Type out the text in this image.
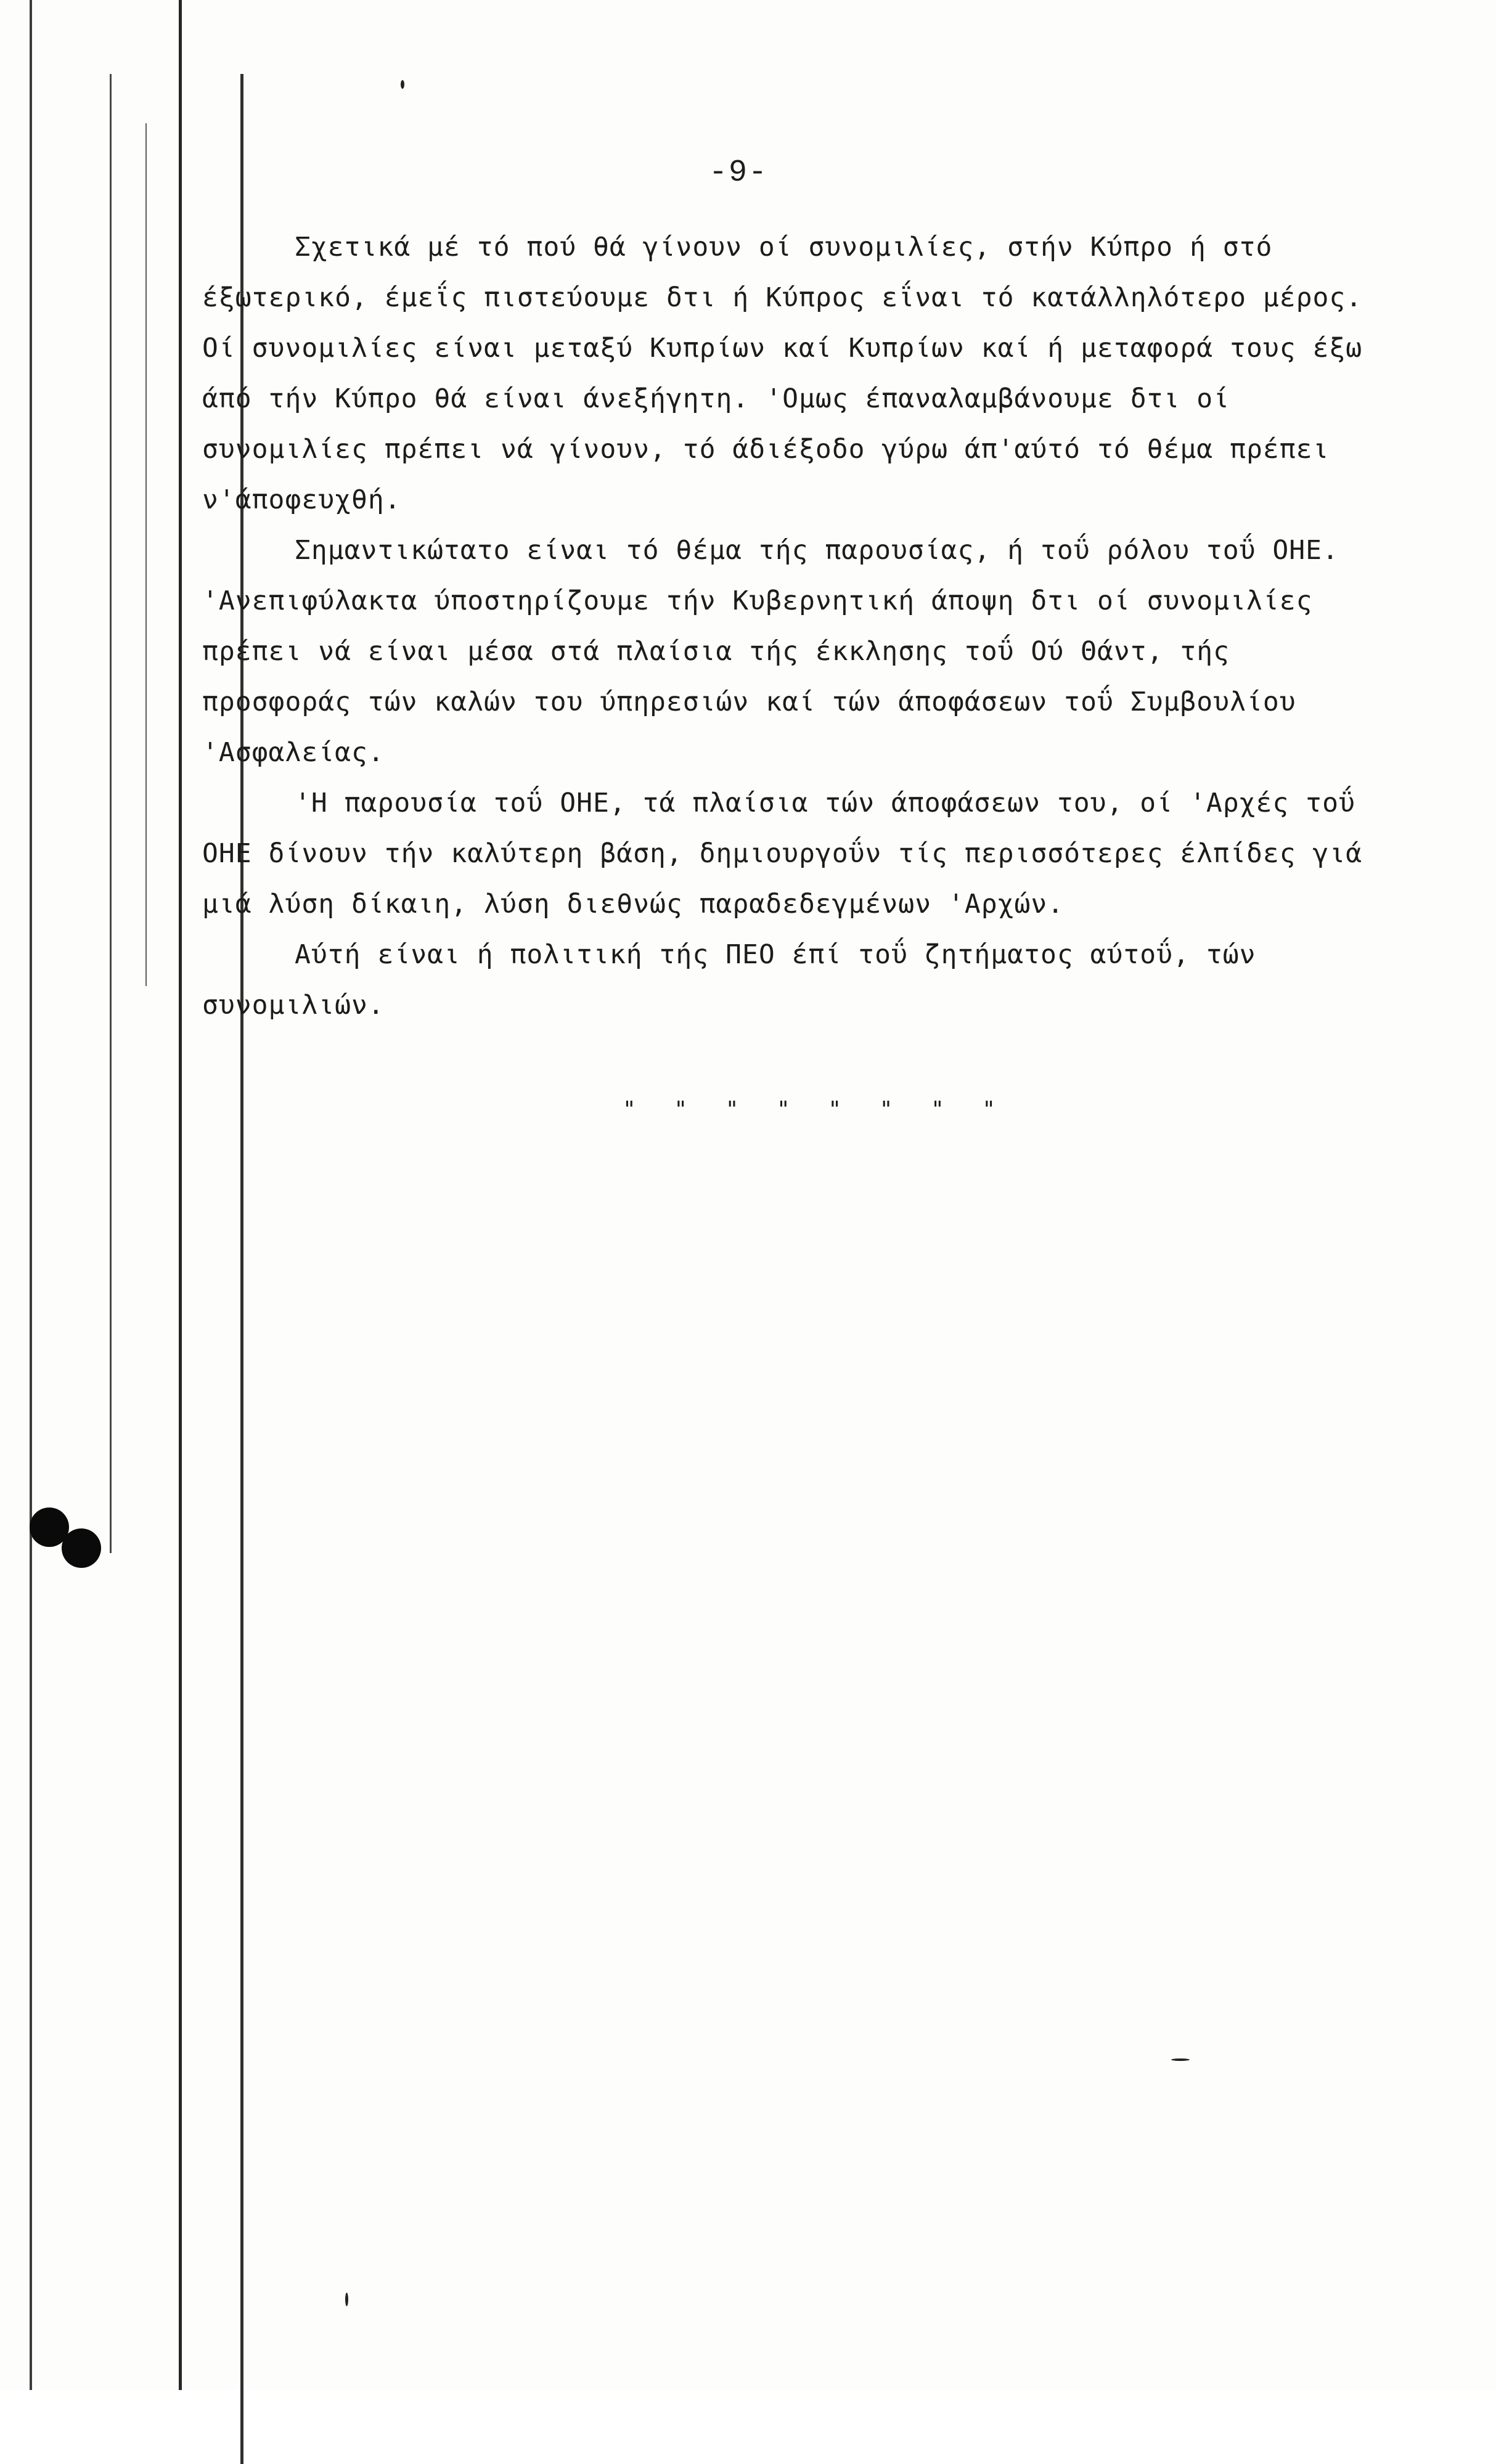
-9-

Σχετικά μέ τό πού θά γίνουν οί συνομιλίες, στήν Κύπρο ή στό έξωτερικό, έμεΐς πιστεύουμε δτι ή Κύπρος εΐναι τό κατάλληλότερο μέρος. Οί συνομιλίες είναι μεταξύ Κυπρίων καί Κυπρίων καί ή μεταφορά τους έξω άπό τήν Κύπρο θά είναι άνεξήγητη. 'Ομως έπαναλαμβάνουμε δτι οί συνομιλίες πρέπει νά γίνουν, τό άδιέξοδο γύρω άπ'αύτό τό θέμα πρέπει ν'άποφευχθή.

Σημαντικώτατο είναι τό θέμα τής παρουσίας, ή τοΰ ρόλου τοΰ ΟΗΕ. 'Ανεπιφύλακτα ύποστηρίζουμε τήν Κυβερνητική άποψη δτι οί συνομιλίες πρέπει νά είναι μέσα στά πλαίσια τής έκκλησης τοΰ Ού Θάντ, τής προσφοράς τών καλών του ύπηρεσιών καί τών άποφάσεων τοΰ Συμβουλίου 'Ασφαλείας.

'Η παρουσία τοΰ ΟΗΕ, τά πλαίσια τών άποφάσεων του, οί 'Αρχές τοΰ ΟΗΕ δίνουν τήν καλύτερη βάση, δημιουργοΰν τίς περισσότερες έλπίδες γιά μιά λύση δίκαιη, λύση διεθνώς παραδεδεγμένων 'Αρχών.

Αύτή είναι ή πολιτική τής ΠΕΟ έπί τοΰ ζητήματος αύτοΰ, τών συνομιλιών.

" " " " " " " "
